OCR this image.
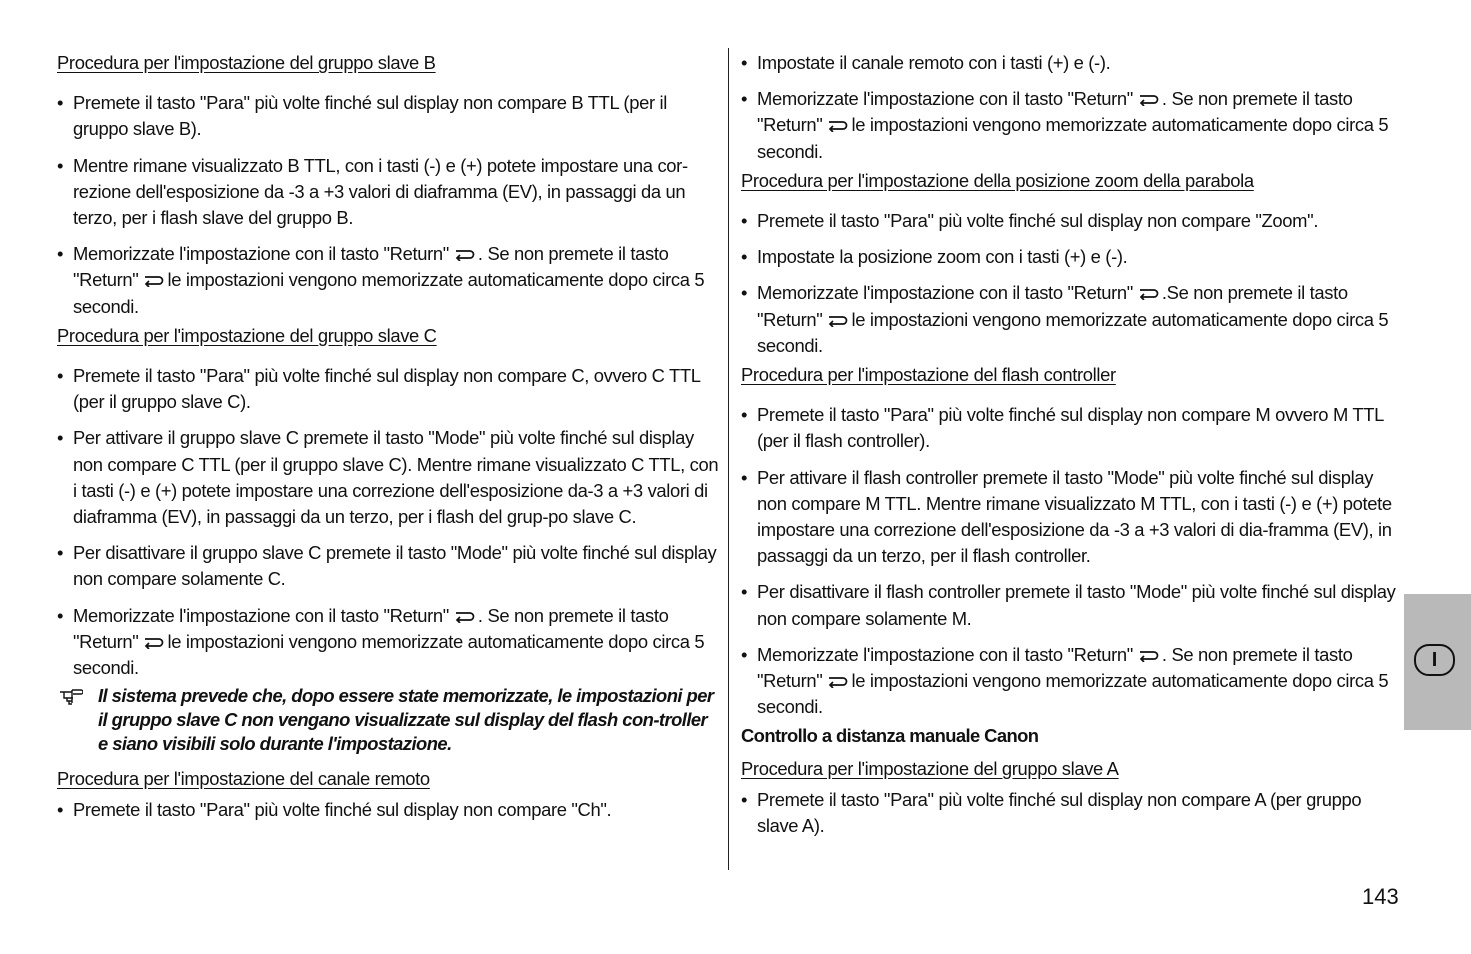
Procedura per l'impostazione del gruppo slave B

• Premete il tasto "Para" più volte finché sul display non compare B TTL (per il gruppo slave B).

• Mentre rimane visualizzato B TTL, con i tasti (-) e (+) potete impostare una cor-rezione dell'esposizione da -3 a +3 valori di diaframma (EV), in passaggi da un terzo, per i flash slave del gruppo B.

• Memorizzate l'impostazione con il tasto "Return" . Se non premete il tasto "Return" le impostazioni vengono memorizzate automaticamente dopo circa 5 secondi.

Procedura per l'impostazione del gruppo slave C

• Premete il tasto "Para" più volte finché sul display non compare C, ovvero C TTL (per il gruppo slave C).

• Per attivare il gruppo slave C premete il tasto "Mode" più volte finché sul display non compare C TTL (per il gruppo slave C). Mentre rimane visualizzato C TTL, con i tasti (-) e (+) potete impostare una correzione dell'esposizione da-3 a +3 valori di diaframma (EV), in passaggi da un terzo, per i flash del grup-po slave C.

• Per disattivare il gruppo slave C premete il tasto "Mode" più volte finché sul display non compare solamente C.

• Memorizzate l'impostazione con il tasto "Return" . Se non premete il tasto "Return" le impostazioni vengono memorizzate automaticamente dopo circa 5 secondi.

Il sistema prevede che, dopo essere state memorizzate, le impostazioni per il gruppo slave C non vengano visualizzate sul display del flash con-troller e siano visibili solo durante l'impostazione.

Procedura per l'impostazione del canale remoto

• Premete il tasto "Para" più volte finché sul display non compare "Ch".

• Impostate il canale remoto con i tasti (+) e (-).

• Memorizzate l'impostazione con il tasto "Return" . Se non premete il tasto "Return" le impostazioni vengono memorizzate automaticamente dopo circa 5 secondi.

Procedura per l'impostazione della posizione zoom della parabola

• Premete il tasto "Para" più volte finché sul display non compare "Zoom".

• Impostate la posizione zoom con i tasti (+) e (-).

• Memorizzate l'impostazione con il tasto "Return" .Se non premete il tasto "Return" le impostazioni vengono memorizzate automaticamente dopo circa 5 secondi.

Procedura per l'impostazione del flash controller

• Premete il tasto "Para" più volte finché sul display non compare M ovvero M TTL (per il flash controller).

• Per attivare il flash controller premete il tasto "Mode" più volte finché sul display non compare M TTL. Mentre rimane visualizzato M TTL, con i tasti (-) e (+) potete impostare una correzione dell'esposizione da -3 a +3 valori di dia-framma (EV), in passaggi da un terzo, per il flash controller.

• Per disattivare il flash controller premete il tasto "Mode" più volte finché sul display non compare solamente M.

• Memorizzate l'impostazione con il tasto "Return" . Se non premete il tasto "Return" le impostazioni vengono memorizzate automaticamente dopo circa 5 secondi.

Controllo a distanza manuale Canon

Procedura per l'impostazione del gruppo slave A

• Premete il tasto "Para" più volte finché sul display non compare A (per gruppo slave A).

I
143
